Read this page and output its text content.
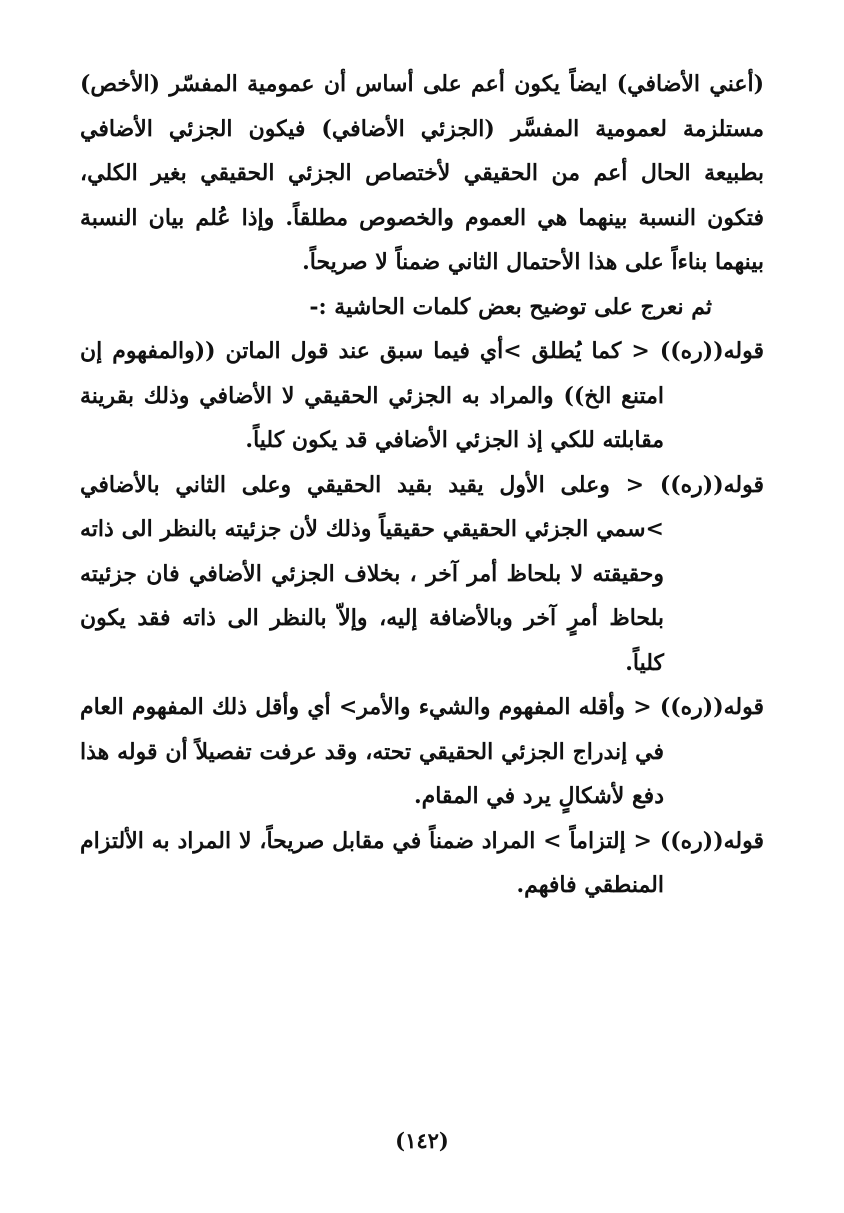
(أعني الأضافي) ايضاً يكون أعم على أساس أن عمومية المفسّر (الأخص) مستلزمة لعمومية المفسَّر (الجزئي الأضافي) فيكون الجزئي الأضافي بطبيعة الحال أعم من الحقيقي لأختصاص الجزئي الحقيقي بغير الكلي، فتكون النسبة بينهما هي العموم والخصوص مطلقاً. وإذا عُلم بيان النسبة بينهما بناءاً على هذا الأحتمال الثاني ضمناً لا صريحاً.

ثم نعرج على توضيح بعض كلمات الحاشية :-

قوله((ره)) < كما يُطلق >أي فيما سبق عند قول الماتن ((والمفهوم إن امتنع الخ)) والمراد به الجزئي الحقيقي لا الأضافي وذلك بقرينة مقابلته للكي إذ الجزئي الأضافي قد يكون كلياً.

قوله((ره)) < وعلى الأول يقيد بقيد الحقيقي وعلى الثاني بالأضافي >سمي الجزئي الحقيقي حقيقياً وذلك لأن جزئيته بالنظر الى ذاته وحقيقته لا بلحاظ أمر آخر ، بخلاف الجزئي الأضافي فان جزئيته بلحاظ أمرٍ آخر وبالأضافة إليه، وإلاّ بالنظر الى ذاته فقد يكون كلياً.

قوله((ره)) < وأقله المفهوم والشيء والأمر> أي وأقل ذلك المفهوم العام في إندراج الجزئي الحقيقي تحته، وقد عرفت تفصيلاً أن قوله هذا دفع لأشكالٍ يرد في المقام.

قوله((ره)) < إلتزاماً > المراد ضمناً في مقابل صريحاً، لا المراد به الألتزام المنطقي فافهم.

(١٤٢)
